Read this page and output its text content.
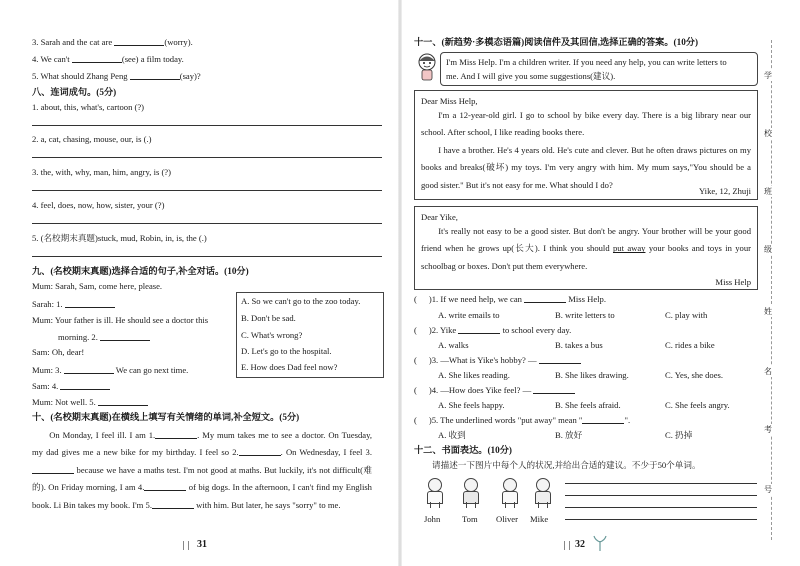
3. Sarah and the cat are	(worry).
4. We can't	(see) a film today.
5. What should Zhang Peng	(say)?
八、连词成句。(5分)
1. about, this, what's, cartoon (?)
2. a, cat, chasing, mouse, our, is (.)
3. the, with, why, man, him, angry, is (?)
4. feel, does, now, how, sister, your (?)
5. (名校期末真题)stuck, mud, Robin, in, is, the (.)
九、(名校期末真题)选择合适的句子,补全对话。(10分)
Mum: Sarah, Sam, come here, please.
Sarah: 1.
Mum: Your father is ill. He should see a doctor this
morning. 2.
Sam: Oh, dear!
Mum: 3.	We can go next time.
Sam: 4.
Mum: Not well. 5.
A. So we can't go to the zoo today.
B. Don't be sad.
C. What's wrong?
D. Let's go to the hospital.
E. How does Dad feel now?
十、(名校期末真题)在横线上填写有关情绪的单词,补全短文。(5分)

On Monday, I feel ill. I am 1.	. My mum takes me to see a doctor. On Tuesday, my dad gives me a new bike for my birthday. I feel so 2.	. On Wednesday, I feel 3. because we have a maths test. I'm not good at maths. But luckily, it's not difficult(难的). On Friday morning, I am 4.	of big dogs. In the afternoon, I can't find my English book. Li Bin takes my book. I'm 5.	with him. But later, he says "sorry" to me.

31
十一、(新趋势·多模态语篇)阅读信件及其回信,选择正确的答案。(10分)
I'm Miss Help. I'm a children writer. If you need any help, you can write letters to
me. And I will give you some suggestions(建议).
Dear Miss Help,

I'm a 12-year-old girl. I go to school by bike every day. There is a big library near our school. After school, I like reading books there.

I have a brother. He's 4 years old. He's cute and clever. But he often draws pictures on my books and breaks(破坏) my toys. I'm very angry with him. My mum says,"You should be a good sister." But it's not easy for me. What should I do?

Yike, 12, Zhuji
Dear Yike,

It's really not easy to be a good sister. But don't be angry. Your brother will be your good friend when he grows up(长大). I think you should put away your books and toys in your schoolbag or boxes. Don't put them everywhere.

Miss Help
( )1. If we need help, we can	Miss Help.
A. write emails to	B. write letters to	C. play with
( )2. Yike	to school every day.
A. walks	B. takes a bus	C. rides a bike
( )3. —What is Yike's hobby? —
A. She likes reading.	B. She likes drawing.	C. Yes, she does.
( )4. —How does Yike feel? —
A. She feels happy.	B. She feels afraid.	C. She feels angry.
( )5. The underlined words "put away" mean "	".
A. 收到	B. 放好	C. 扔掉
十二、书面表达。(10分)
请描述一下图片中每个人的状况,并给出合适的建议。不少于50个单词。
John	Tom Oliver Mike
32
学
校
班
级
姓
名
考
号
